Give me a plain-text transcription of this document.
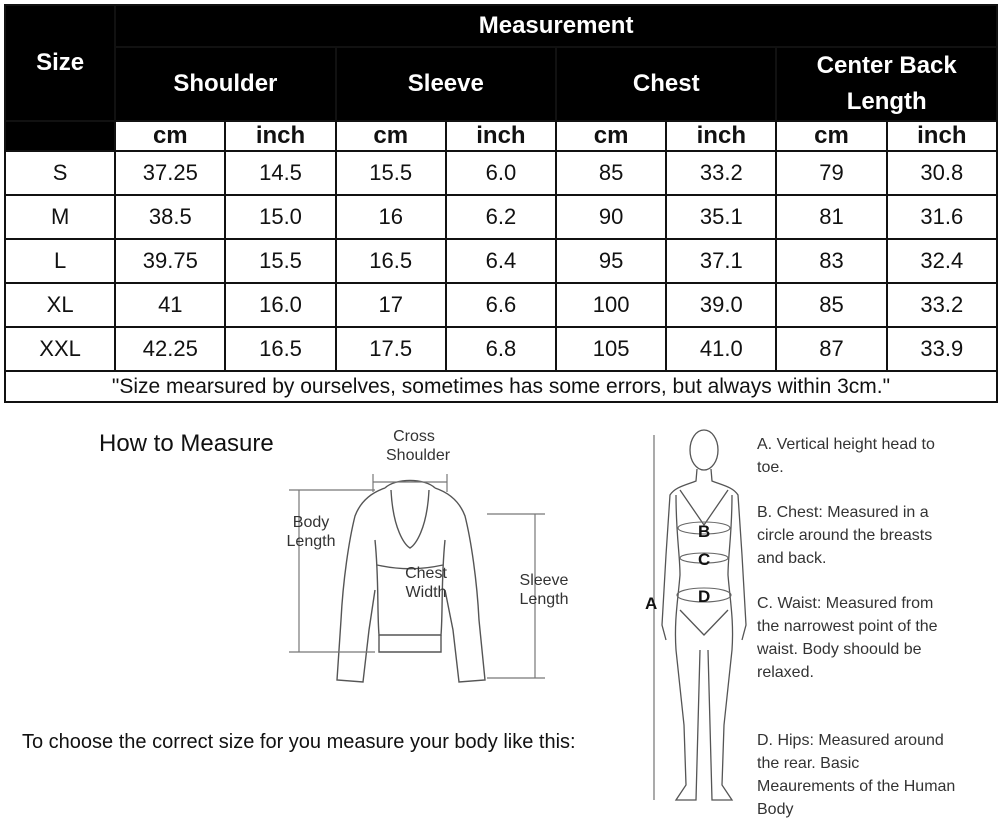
Size	Measurement							
	Shoulder		Sleeve		Chest		Center Back Length	
	cm	inch	cm	inch	cm	inch	cm	inch
S	37.25	14.5	15.5	6.0	85	33.2	79	30.8
M	38.5	15.0	16	6.2	90	35.1	81	31.6
L	39.75	15.5	16.5	6.4	95	37.1	83	32.4
XL	41	16.0	17	6.6	100	39.0	85	33.2
XXL	42.25	16.5	17.5	6.8	105	41.0	87	33.9
"Size mearsured by ourselves, sometimes has some errors, but always within 3cm."								
How to Measure
To choose the correct size for you measure your body like this:
Cross Shoulder
Body Length
Chest Width
Sleeve Length	A
B
C
D
A. Vertical height head to toe.
B. Chest: Measured in a circle around the breasts and back.
C. Waist: Measured from the narrowest point of the waist. Body shoould be relaxed.
D. Hips: Measured around the rear. Basic Meaurements of the Human Body
